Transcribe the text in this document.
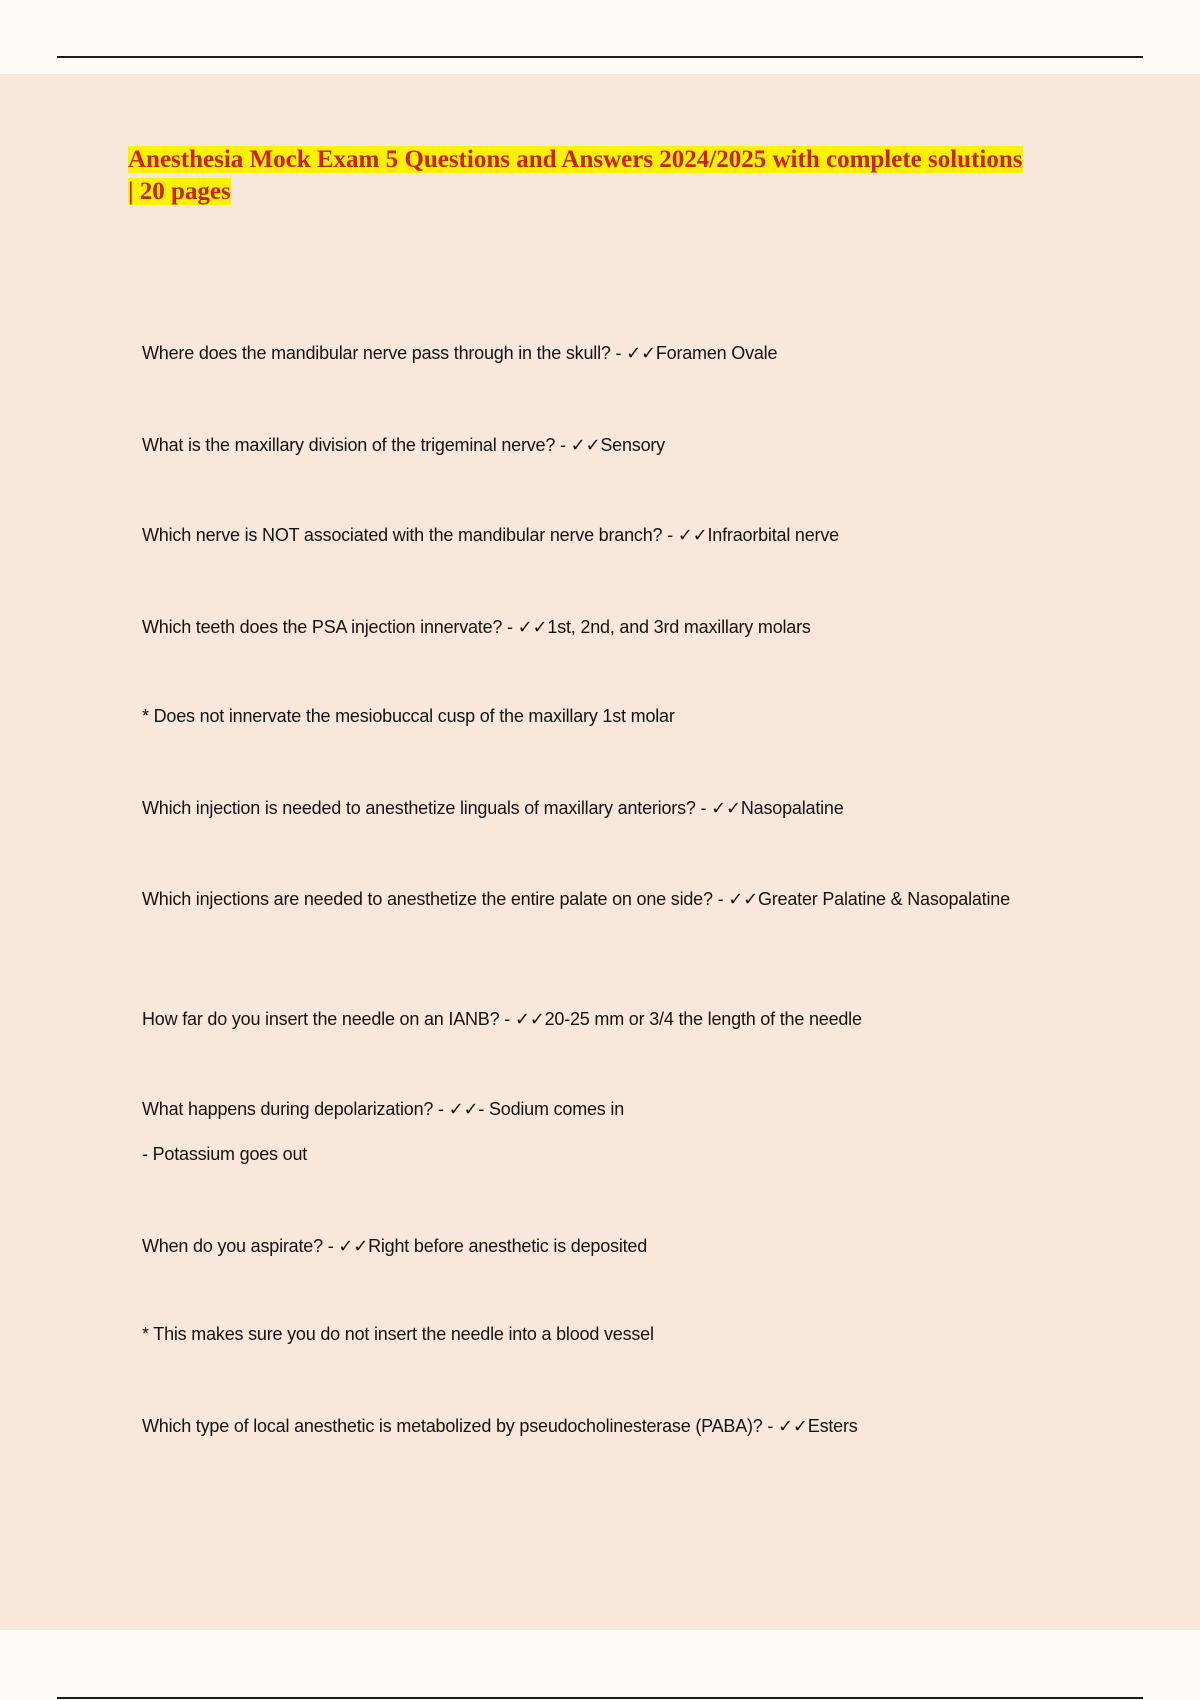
Anesthesia Mock Exam 5 Questions and Answers 2024/2025 with complete solutions | 20 pages

Where does the mandibular nerve pass through in the skull? - ✓✓Foramen Ovale

What is the maxillary division of the trigeminal nerve? - ✓✓Sensory

Which nerve is NOT associated with the mandibular nerve branch? - ✓✓Infraorbital nerve

Which teeth does the PSA injection innervate? - ✓✓1st, 2nd, and 3rd maxillary molars

* Does not innervate the mesiobuccal cusp of the maxillary 1st molar

Which injection is needed to anesthetize linguals of maxillary anteriors? - ✓✓Nasopalatine

Which injections are needed to anesthetize the entire palate on one side? - ✓✓Greater Palatine & Nasopalatine

How far do you insert the needle on an IANB? - ✓✓20-25 mm or 3/4 the length of the needle

What happens during depolarization? - ✓✓- Sodium comes in

- Potassium goes out

When do you aspirate? - ✓✓Right before anesthetic is deposited

* This makes sure you do not insert the needle into a blood vessel

Which type of local anesthetic is metabolized by pseudocholinesterase (PABA)? - ✓✓Esters
